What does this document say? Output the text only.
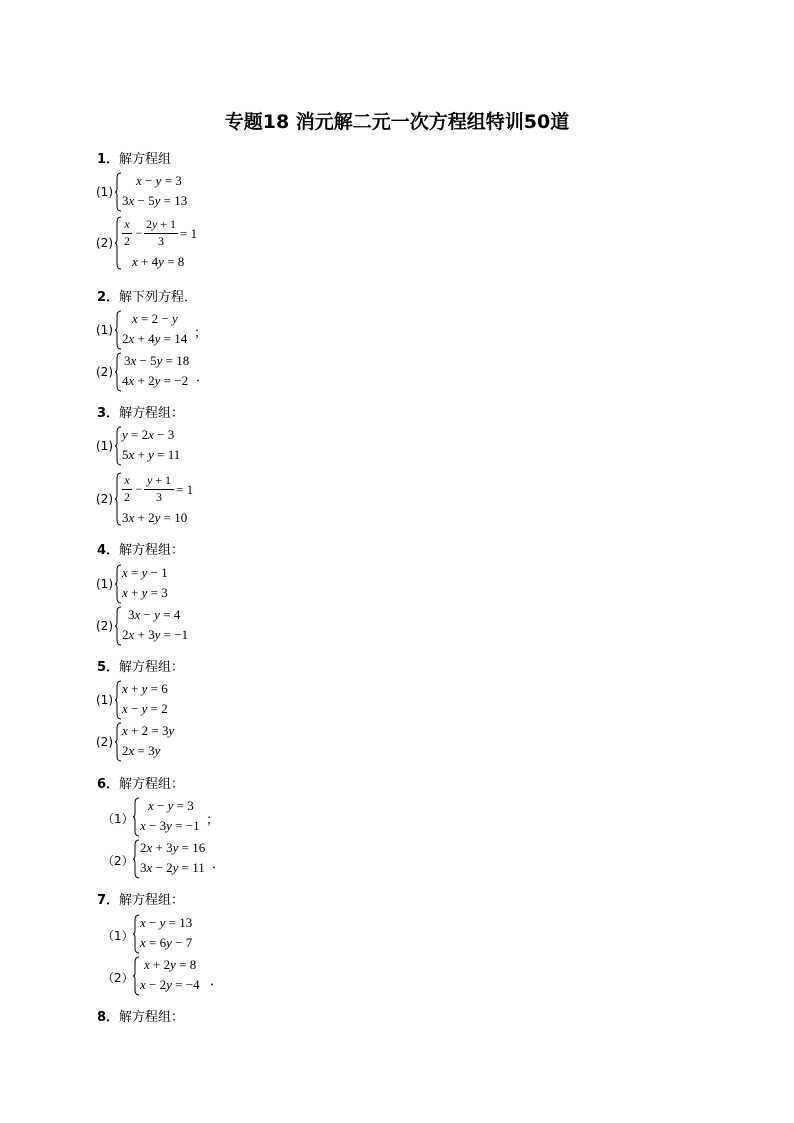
专题18 消元解二元一次方程组特训50道
1．解方程组
(1)
x − y = 3
3x − 5y = 13
(2)
x
2
−
2y + 1
3	= 1
x + 4y = 8
2．解下列方程．
(1)
x = 2 − y
2x + 4y = 14 ；
(2)
3x − 5y = 18
4x + 2y = −2 ．
3．解方程组：
(1)
y = 2x − 3
5x + y = 11
(2)
x
2
−
y + 1
3	= 1
3x + 2y = 10
4．解方程组：
(1)
x = y − 1
x + y = 3
(2)
3x − y = 4
2x + 3y = −1
5．解方程组：
(1)
x + y = 6
x − y = 2
(2)
x + 2 = 3y
2x = 3y
6．解方程组：
（1）
x − y = 3
x − 3y = −1 ；
（2）
2x + 3y = 16
3x − 2y = 11 ．
7．解方程组：
（1）
x − y = 13
x = 6y − 7
（2）
x + 2y = 8
x − 2y = −4 ．
8．解方程组：
